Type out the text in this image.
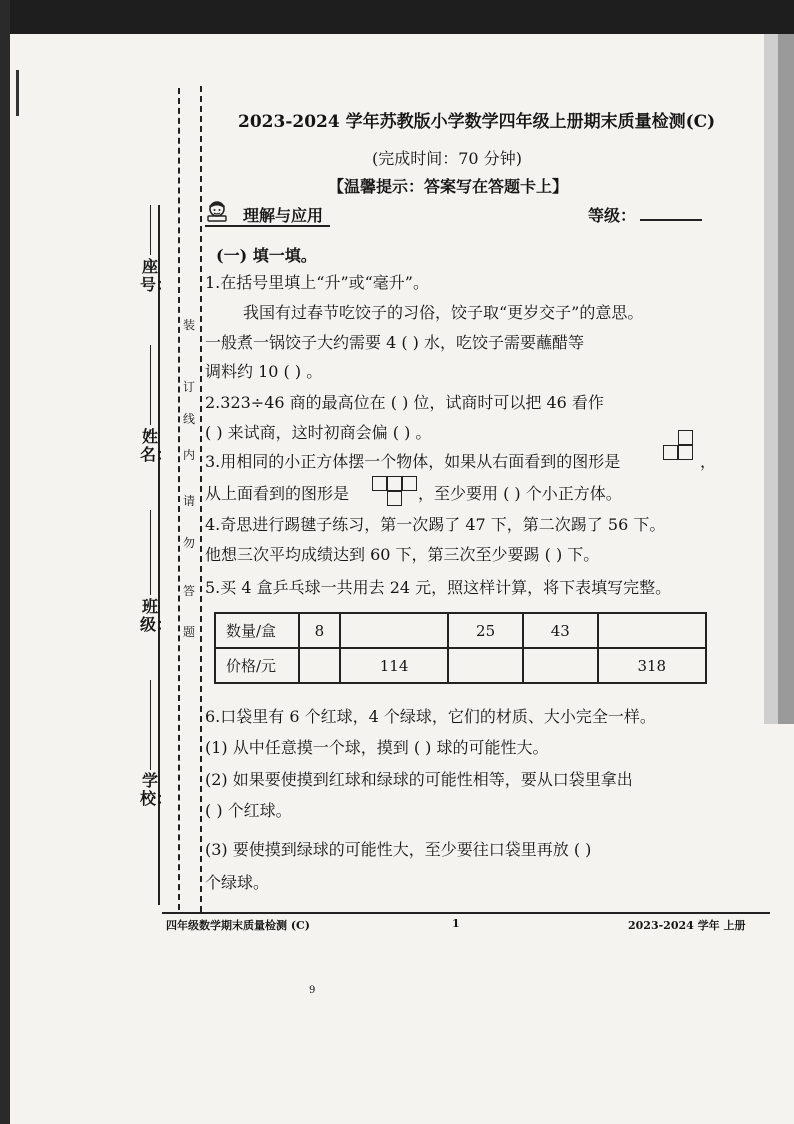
座号：
姓名：
班级：
学校：
装
订
线
内
请
勿
答
题
2023-2024 学年苏教版小学数学四年级上册期末质量检测(C)
(完成时间：70 分钟)
【温馨提示：答案写在答题卡上】
理解与应用	等级：
(一) 填一填。
1.在括号里填上“升”或“毫升”。
我国有过春节吃饺子的习俗，饺子取“更岁交子”的意思。
一般煮一锅饺子大约需要 4 ( ) 水，吃饺子需要蘸醋等
调料约 10 ( ) 。
2.323÷46 商的最高位在 ( ) 位，试商时可以把 46 看作
( ) 来试商，这时初商会偏 ( ) 。
3.用相同的小正方体摆一个物体，如果从右面看到的图形是	，
从上面看到的图形是	，至少要用 ( ) 个小正方体。
4.奇思进行踢毽子练习，第一次踢了 47 下，第二次踢了 56 下。
他想三次平均成绩达到 60 下，第三次至少要踢 ( ) 下。
5.买 4 盒乒乓球一共用去 24 元，照这样计算，将下表填写完整。
数量/盒	8		25	43	
价格/元		114			318
6.口袋里有 6 个红球，4 个绿球，它们的材质、大小完全一样。
(1) 从中任意摸一个球，摸到 ( ) 球的可能性大。
(2) 如果要使摸到红球和绿球的可能性相等，要从口袋里拿出
( ) 个红球。
(3) 要使摸到绿球的可能性大，至少要往口袋里再放 ( )
个绿球。
四年级数学期末质量检测 (C)	1	2023-2024 学年 上册
9
